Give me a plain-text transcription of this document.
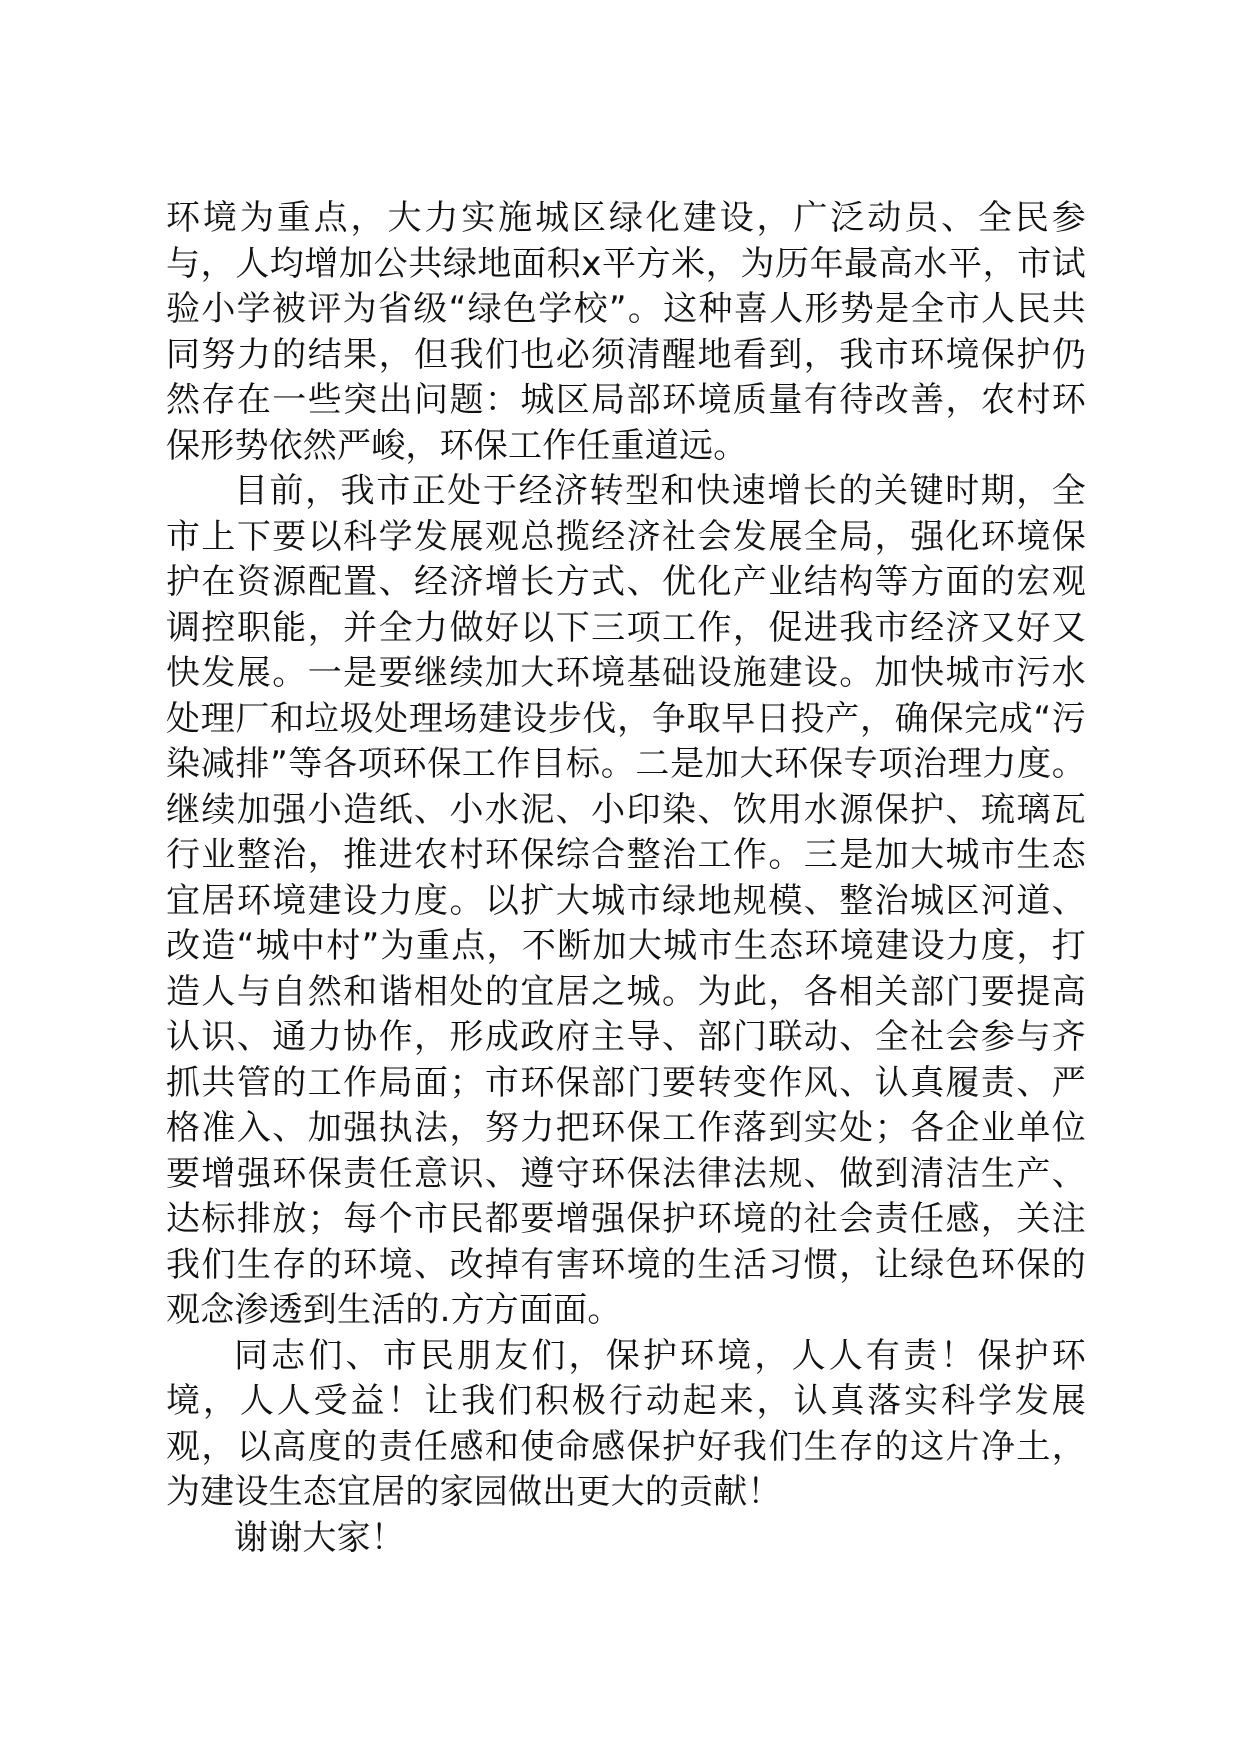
环境为重点，大力实施城区绿化建设，广泛动员、全民参与，人均增加公共绿地面积x平方米，为历年最高水平，市试验小学被评为省级“绿色学校”。这种喜人形势是全市人民共同努力的结果，但我们也必须清醒地看到，我市环境保护仍然存在一些突出问题：城区局部环境质量有待改善，农村环保形势依然严峻，环保工作任重道远。

目前，我市正处于经济转型和快速增长的关键时期，全市上下要以科学发展观总揽经济社会发展全局，强化环境保护在资源配置、经济增长方式、优化产业结构等方面的宏观调控职能，并全力做好以下三项工作，促进我市经济又好又快发展。一是要继续加大环境基础设施建设。加快城市污水处理厂和垃圾处理场建设步伐，争取早日投产，确保完成“污染减排”等各项环保工作目标。二是加大环保专项治理力度。继续加强小造纸、小水泥、小印染、饮用水源保护、琉璃瓦行业整治，推进农村环保综合整治工作。三是加大城市生态宜居环境建设力度。以扩大城市绿地规模、整治城区河道、改造“城中村”为重点，不断加大城市生态环境建设力度，打造人与自然和谐相处的宜居之城。为此，各相关部门要提高认识、通力协作，形成政府主导、部门联动、全社会参与齐抓共管的工作局面；市环保部门要转变作风、认真履责、严格准入、加强执法，努力把环保工作落到实处；各企业单位要增强环保责任意识、遵守环保法律法规、做到清洁生产、达标排放；每个市民都要增强保护环境的社会责任感，关注我们生存的环境、改掉有害环境的生活习惯，让绿色环保的观念渗透到生活的.方方面面。

同志们、市民朋友们，保护环境，人人有责！保护环境，人人受益！让我们积极行动起来，认真落实科学发展观，以高度的责任感和使命感保护好我们生存的这片净土，为建设生态宜居的家园做出更大的贡献！

谢谢大家！
